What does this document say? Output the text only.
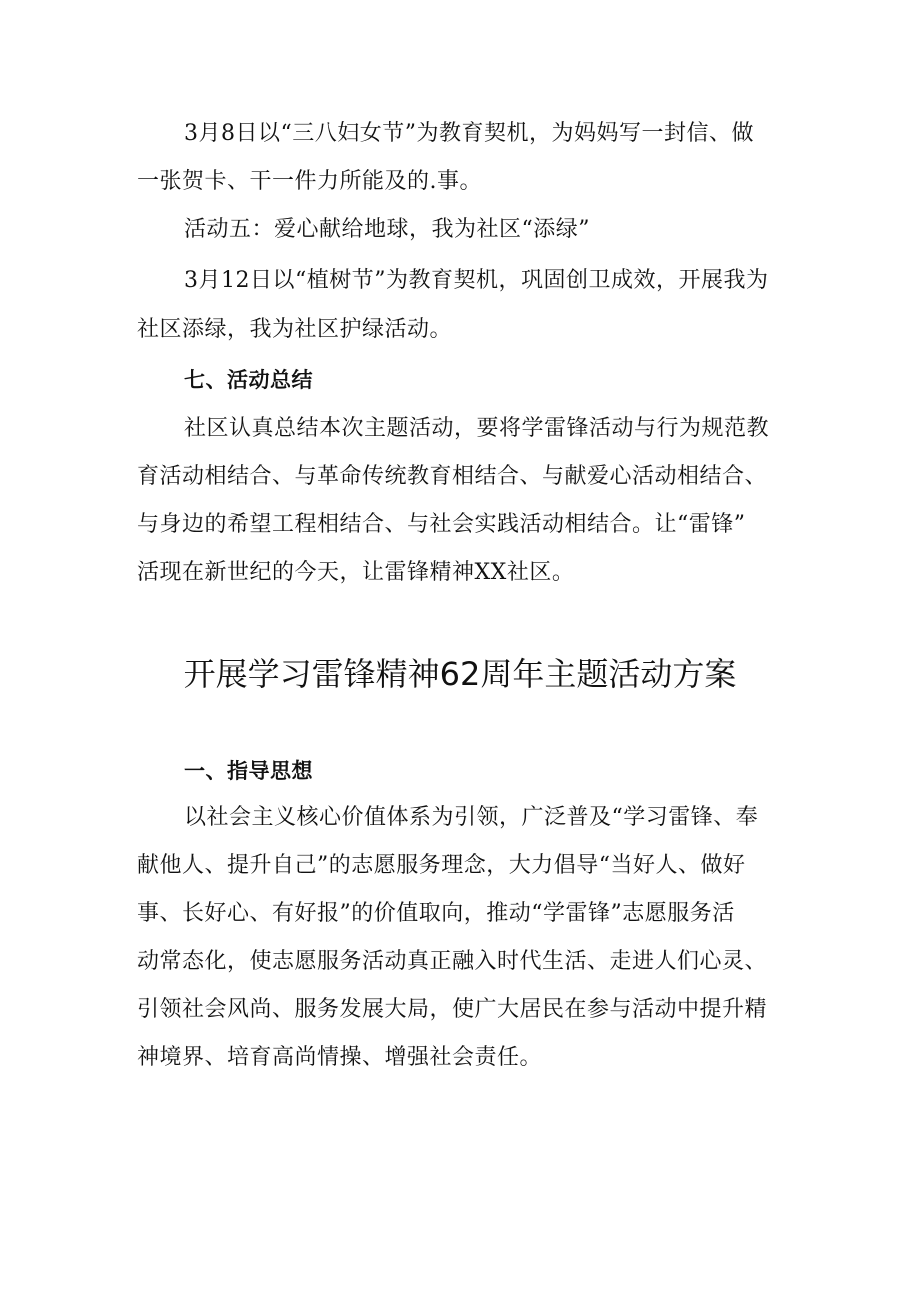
3月8日以“三八妇女节”为教育契机，为妈妈写一封信、做
一张贺卡、干一件力所能及的.事。
活动五：爱心献给地球，我为社区“添绿”
3月12日以“植树节”为教育契机，巩固创卫成效，开展我为
社区添绿，我为社区护绿活动。
七、活动总结
社区认真总结本次主题活动，要将学雷锋活动与行为规范教
育活动相结合、与革命传统教育相结合、与献爱心活动相结合、
与身边的希望工程相结合、与社会实践活动相结合。让“雷锋”
活现在新世纪的今天，让雷锋精神XX社区。
开展学习雷锋精神62周年主题活动方案
一、指导思想
以社会主义核心价值体系为引领，广泛普及“学习雷锋、奉
献他人、提升自己”的志愿服务理念，大力倡导“当好人、做好
事、长好心、有好报”的价值取向，推动“学雷锋”志愿服务活
动常态化，使志愿服务活动真正融入时代生活、走进人们心灵、
引领社会风尚、服务发展大局，使广大居民在参与活动中提升精
神境界、培育高尚情操、增强社会责任。
